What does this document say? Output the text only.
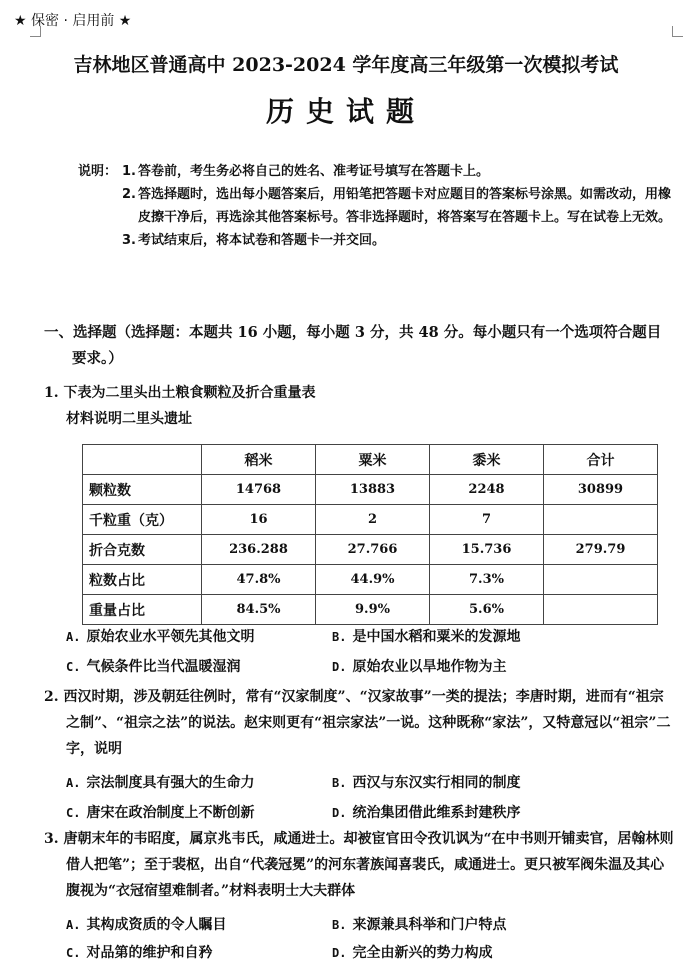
★ 保密 · 启用前 ★
吉林地区普通高中 2023-2024 学年度高三年级第一次模拟考试
历史试题
说明： 1. 答卷前，考生务必将自己的姓名、准考证号填写在答题卡上。
2. 答选择题时，选出每小题答案后，用铅笔把答题卡对应题目的答案标号涂黑。如需改动，用橡皮擦干净后，再选涂其他答案标号。答非选择题时，将答案写在答题卡上。写在试卷上无效。
3. 考试结束后，将本试卷和答题卡一并交回。
一、选择题（选择题：本题共 16 小题，每小题 3 分，共 48 分。每小题只有一个选项符合题目要求。）
1. 下表为二里头出土粮食颗粒及折合重量表
材料说明二里头遗址
	稻米	粟米	黍米	合计
颗粒数	14768	13883	2248	30899
千粒重（克）	16	2	7	
折合克数	236.288	27.766	15.736	279.79
粒数占比	47.8%	44.9%	7.3%	
重量占比	84.5%	9.9%	5.6%	
A. 原始农业水平领先其他文明	B. 是中国水稻和粟米的发源地
C. 气候条件比当代温暖湿润	D. 原始农业以旱地作物为主
2. 西汉时期，涉及朝廷往例时，常有“汉家制度”、“汉家故事”一类的提法；李唐时期，进而有“祖宗之制”、“祖宗之法”的说法。赵宋则更有“祖宗家法”一说。这种既称“家法”，又特意冠以“祖宗”二字，说明
A. 宗法制度具有强大的生命力	B. 西汉与东汉实行相同的制度
C. 唐宋在政治制度上不断创新	D. 统治集团借此维系封建秩序
3. 唐朝末年的韦昭度，属京兆韦氏，咸通进士。却被宦官田令孜讥讽为“在中书则开铺卖官，居翰林则借人把笔”；至于裴枢，出自“代袭冠冕”的河东著族闻喜裴氏，咸通进士。更只被军阀朱温及其心腹视为“衣冠宿望难制者。”材料表明士大夫群体
A. 其构成资质的令人瞩目	B. 来源兼具科举和门户特点
C. 对品第的维护和自矜	D. 完全由新兴的势力构成
